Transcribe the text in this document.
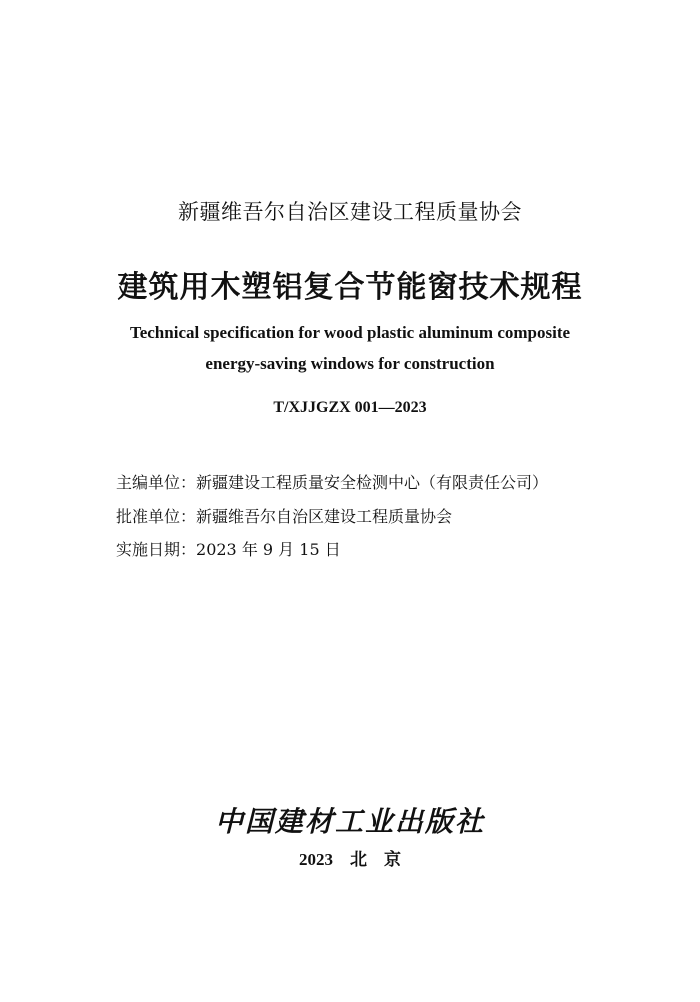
新疆维吾尔自治区建设工程质量协会
建筑用木塑铝复合节能窗技术规程
Technical specification for wood plastic aluminum composite
energy-saving windows for construction
T/XJJGZX 001—2023
主编单位：新疆建设工程质量安全检测中心（有限责任公司）
批准单位：新疆维吾尔自治区建设工程质量协会
实施日期：2023 年 9 月 15 日
中国建材工业出版社
2023　北　京
